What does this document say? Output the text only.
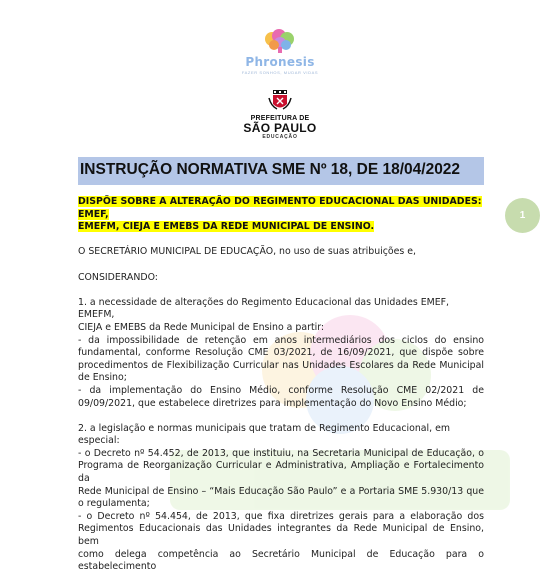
Phronesis
FAZER SONHOS, MUDAR VIDAS
PREFEITURA DE
SÃO PAULO
EDUCAÇÃO
INSTRUÇÃO NORMATIVA SME Nº 18, DE 18/04/2022
1

DISPÕE SOBRE A ALTERAÇÃO DO REGIMENTO EDUCACIONAL DAS UNIDADES: EMEF,

EMEFM, CIEJA E EMEBS DA REDE MUNICIPAL DE ENSINO.

O SECRETÁRIO MUNICIPAL DE EDUCAÇÃO, no uso de suas atribuições e,

CONSIDERANDO:

1. a necessidade de alterações do Regimento Educacional das Unidades EMEF, EMEFM,

CIEJA e EMEBS da Rede Municipal de Ensino a partir:

- da impossibilidade de retenção em anos intermediários dos ciclos do ensino

fundamental, conforme Resolução CME 03/2021, de 16/09/2021, que dispõe sobre

procedimentos de Flexibilização Curricular nas Unidades Escolares da Rede Municipal

de Ensino;

- da implementação do Ensino Médio, conforme Resolução CME 02/2021 de

09/09/2021, que estabelece diretrizes para implementação do Novo Ensino Médio;

2. a legislação e normas municipais que tratam de Regimento Educacional, em especial:

- o Decreto nº 54.452, de 2013, que instituiu, na Secretaria Municipal de Educação, o

Programa de Reorganização Curricular e Administrativa, Ampliação e Fortalecimento da

Rede Municipal de Ensino – “Mais Educação São Paulo” e a Portaria SME 5.930/13 que

o regulamenta;

- o Decreto nº 54.454, de 2013, que fixa diretrizes gerais para a elaboração dos

Regimentos Educacionais das Unidades integrantes da Rede Municipal de Ensino, bem

como delega competência ao Secretário Municipal de Educação para o estabelecimento
